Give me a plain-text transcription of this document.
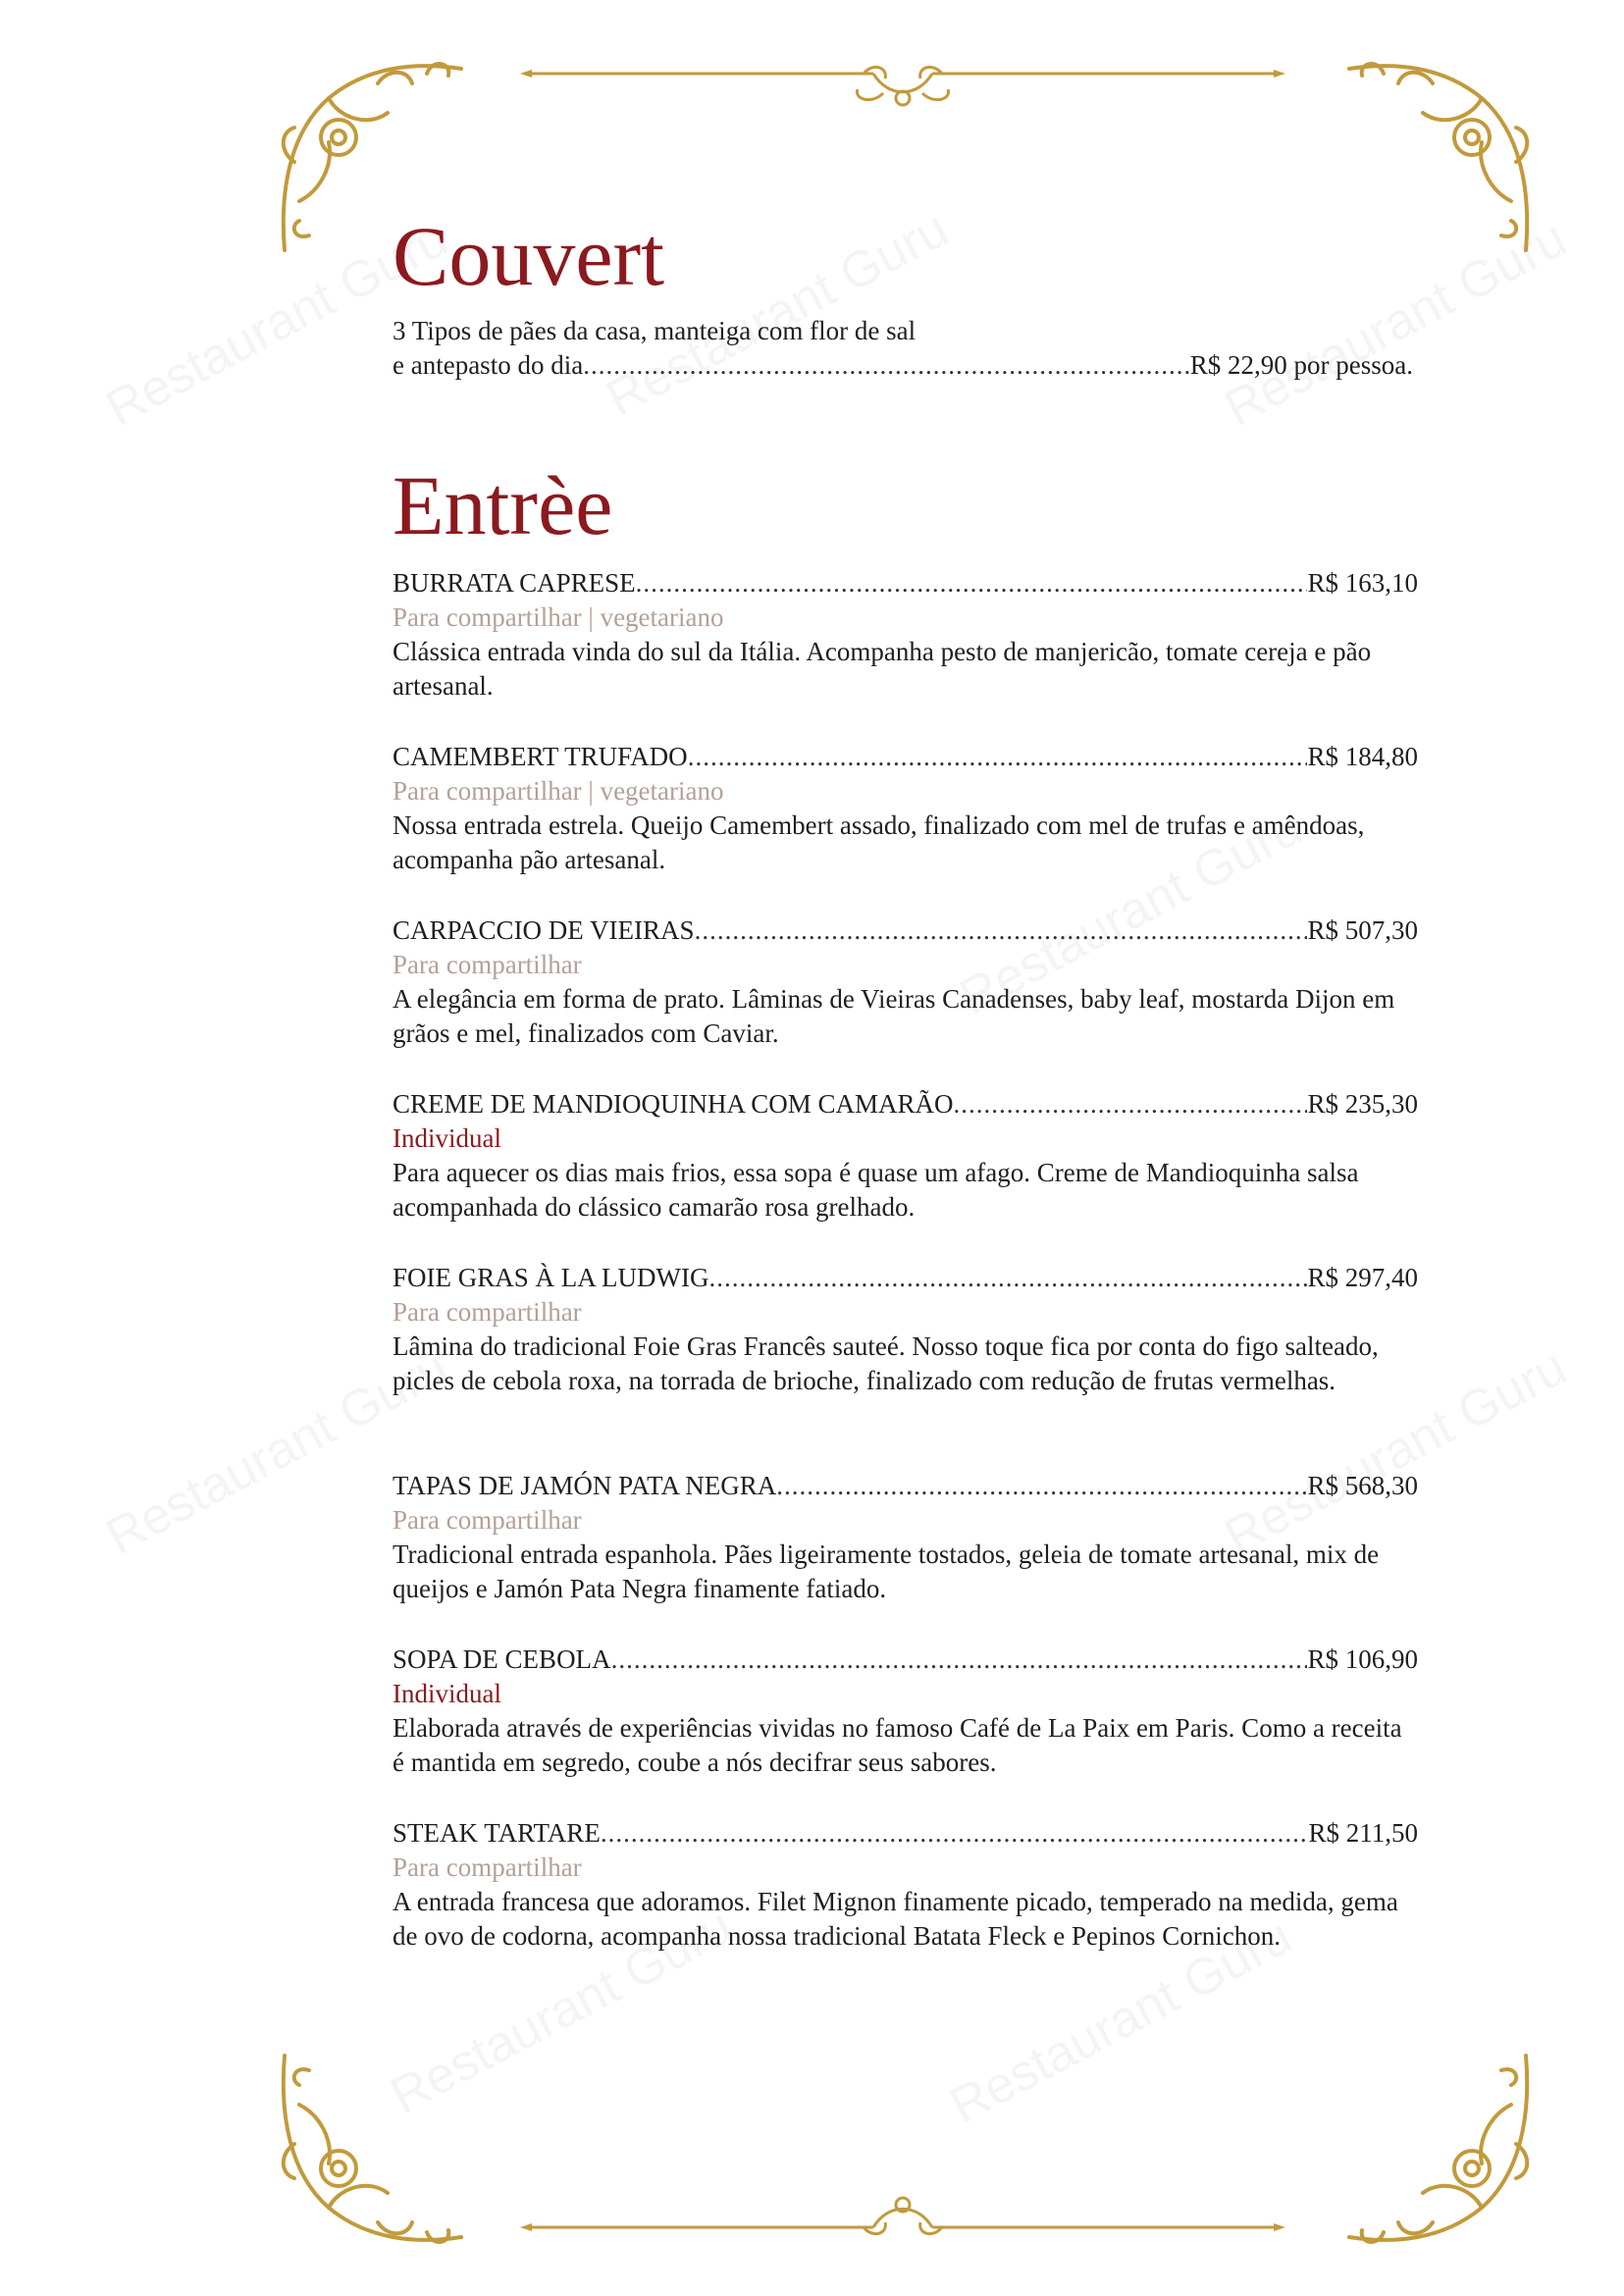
Couvert
3 Tipos de pães da casa, manteiga com flor de sal
e antepasto do dia .....	R$ 22,90 por pessoa.
Entrèe
BURRATA CAPRESE .....	R$ 163,10
Para compartilhar | vegetariano
Clássica entrada vinda do sul da Itália. Acompanha pesto de manjericão, tomate cereja e pão artesanal.
CAMEMBERT TRUFADO .....	R$ 184,80
Para compartilhar | vegetariano
Nossa entrada estrela. Queijo Camembert assado, finalizado com mel de trufas e amêndoas, acompanha pão artesanal.
CARPACCIO DE VIEIRAS .....	R$ 507,30
Para compartilhar
A elegância em forma de prato. Lâminas de Vieiras Canadenses, baby leaf, mostarda Dijon em grãos e mel, finalizados com Caviar.
CREME DE MANDIOQUINHA COM CAMARÃO .....	R$ 235,30
Individual
Para aquecer os dias mais frios, essa sopa é quase um afago. Creme de Mandioquinha salsa acompanhada do clássico camarão rosa grelhado.
FOIE GRAS À LA LUDWIG .....	R$ 297,40
Para compartilhar
Lâmina do tradicional Foie Gras Francês sauteé. Nosso toque fica por conta do figo salteado, picles de cebola roxa, na torrada de brioche, finalizado com redução de frutas vermelhas.
TAPAS DE JAMÓN PATA NEGRA .....	R$ 568,30
Para compartilhar
Tradicional entrada espanhola. Pães ligeiramente tostados, geleia de tomate artesanal, mix de queijos e Jamón Pata Negra finamente fatiado.
SOPA DE CEBOLA .....	R$ 106,90
Individual
Elaborada através de experiências vividas no famoso Café de La Paix em Paris. Como a receita é mantida em segredo, coube a nós decifrar seus sabores.
STEAK TARTARE .....	R$ 211,50
Para compartilhar
A entrada francesa que adoramos. Filet Mignon finamente picado, temperado na medida, gema de ovo de codorna, acompanha nossa tradicional Batata Fleck e Pepinos Cornichon.
